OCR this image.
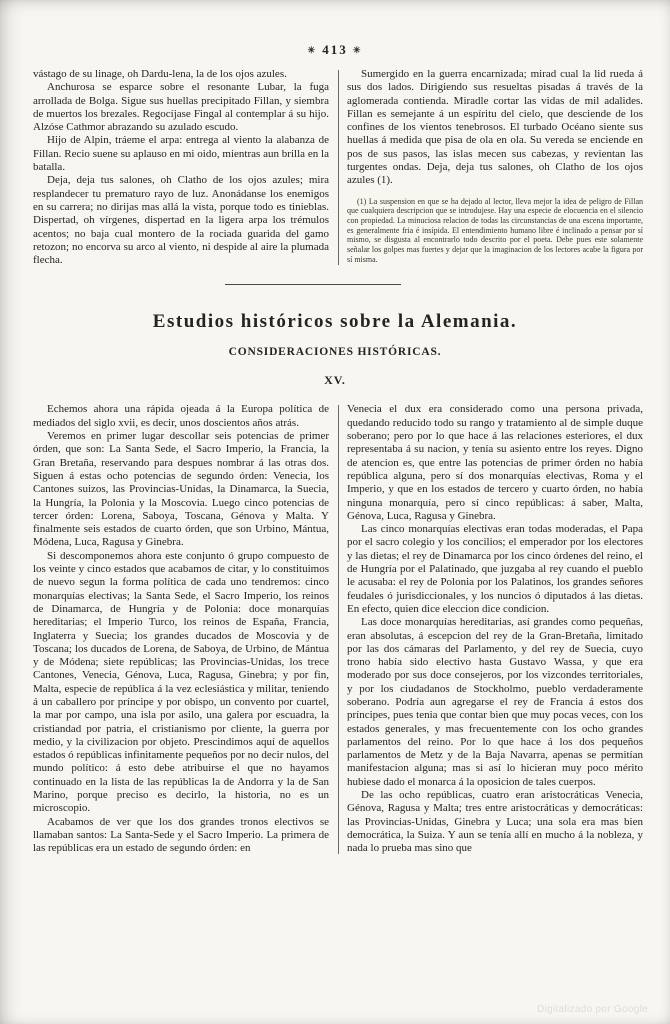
✳ 413 ✳

vástago de su linage, oh Dardu-lena, la de los ojos azules.

Anchurosa se esparce sobre el resonante Lubar, la fuga arrollada de Bolga. Sigue sus huellas precipitado Fillan, y siembra de muertos los brezales. Regocíjase Fingal al contemplar á su hijo. Alzóse Cathmor abrazando su azulado escudo.

Hijo de Alpin, tráeme el arpa: entrega al viento la alabanza de Fillan. Recio suene su aplauso en mi oido, mientras aun brilla en la batalla.

Deja, deja tus salones, oh Clatho de los ojos azules; mira resplandecer tu prematuro rayo de luz. Anonádanse los enemigos en su carrera; no dirijas mas allá la vista, porque todo es tinieblas. Dispertad, oh vírgenes, dispertad en la ligera arpa los trémulos acentos; no baja cual montero de la rociada guarida del gamo retozon; no encorva su arco al viento, ni despide al aire la plumada flecha.

Sumergido en la guerra encarnizada; mirad cual la lid rueda á sus dos lados. Dirigiendo sus resueltas pisadas á través de la aglomerada contienda. Miradle cortar las vidas de mil adalides. Fillan es semejante á un espíritu del cielo, que desciende de los confines de los vientos tenebrosos. El turbado Océano siente sus huellas á medida que pisa de ola en ola. Su vereda se enciende en pos de sus pasos, las islas mecen sus cabezas, y revientan las turgentes ondas. Deja, deja tus salones, oh Clatho de los ojos azules (1).

(1) La suspension en que se ha dejado al lector, lleva mejor la idea de peligro de Fillan que cualquiera descripcion que se introdujese. Hay una especie de elocuencia en el silencio con propiedad. La minuciosa relacion de todas las circunstancias de una escena importante, es generalmente fria é insípida. El entendimiento humano libre é inclinado a pensar por sí mismo, se disgusta al encontrarlo todo descrito por el poeta. Debe pues este solamente señalar los golpes mas fuertes y dejar que la imaginacion de los lectores acabe la figura por sí misma.
Estudios históricos sobre la Alemania.
CONSIDERACIONES HISTÓRICAS.
XV.

Echemos ahora una rápida ojeada á la Europa política de mediados del siglo xvii, es decir, unos doscientos años atrás.

Veremos en primer lugar descollar seis potencias de primer órden, que son: La Santa Sede, el Sacro Imperio, la Francia, la Gran Bretaña, reservando para despues nombrar á las otras dos. Siguen á estas ocho potencias de segundo órden: Venecia, los Cantones suizos, las Provincias-Unidas, la Dinamarca, la Suecia, la Hungría, la Polonia y la Moscovia. Luego cinco potencias de tercer órden: Lorena, Saboya, Toscana, Génova y Malta. Y finalmente seis estados de cuarto órden, que son Urbino, Mántua, Módena, Luca, Ragusa y Ginebra.

Si descomponemos ahora este conjunto ó grupo compuesto de los veinte y cinco estados que acabamos de citar, y lo constituimos de nuevo segun la forma política de cada uno tendremos: cinco monarquías electivas; la Santa Sede, el Sacro Imperio, los reinos de Dinamarca, de Hungría y de Polonia: doce monarquías hereditarias; el Imperio Turco, los reinos de España, Francia, Inglaterra y Suecia; los grandes ducados de Moscovia y de Toscana; los ducados de Lorena, de Saboya, de Urbino, de Mántua y de Módena; siete repúblicas; las Provincias-Unidas, los trece Cantones, Venecia, Génova, Luca, Ragusa, Ginebra; y por fin, Malta, especie de república á la vez eclesiástica y militar, teniendo á un caballero por príncipe y por obispo, un convento por cuartel, la mar por campo, una isla por asilo, una galera por escuadra, la cristiandad por patria, el cristianismo por cliente, la guerra por medio, y la civilizacion por objeto. Prescindimos aquí de aquellos estados ó repúblicas infinitamente pequeños por no decir nulos, del mundo político: á esto debe atribuirse el que no hayamos continuado en la lista de las repúblicas la de Andorra y la de San Marino, porque preciso es decirlo, la historia, no es un microscopio.

Acabamos de ver que los dos grandes tronos electivos se llamaban santos: La Santa-Sede y el Sacro Imperio. La primera de las repúblicas era un estado de segundo órden: en

Venecia el dux era considerado como una persona privada, quedando reducido todo su rango y tratamiento al de simple duque soberano; pero por lo que hace á las relaciones esteriores, el dux representaba á su nacion, y tenía su asiento entre los reyes. Digno de atencion es, que entre las potencias de primer órden no había república alguna, pero sí dos monarquías electivas, Roma y el Imperio, y que en los estados de tercero y cuarto órden, no había ninguna monarquía, pero sí cinco repúblicas: á saber, Malta, Génova, Luca, Ragusa y Ginebra.

Las cinco monarquías electivas eran todas moderadas, el Papa por el sacro colegio y los concilios; el emperador por los electores y las dietas; el rey de Dinamarca por los cinco órdenes del reino, el de Hungría por el Palatinado, que juzgaba al rey cuando el pueblo le acusaba: el rey de Polonia por los Palatinos, los grandes señores feudales ó jurisdiccionales, y los nuncios ó diputados á las dietas. En efecto, quien dice eleccion dice condicion.

Las doce monarquías hereditarias, así grandes como pequeñas, eran absolutas, á escepcion del rey de la Gran-Bretaña, limitado por las dos cámaras del Parlamento, y del rey de Suecia, cuyo trono había sido electivo hasta Gustavo Wassa, y que era moderado por sus doce consejeros, por los vizcondes territoriales, y por los ciudadanos de Stockholmo, pueblo verdaderamente soberano. Podría aun agregarse el rey de Francia á estos dos príncipes, pues tenia que contar bien que muy pocas veces, con los estados generales, y mas frecuentemente con los ocho grandes parlamentos del reino. Por lo que hace á los dos pequeños parlamentos de Metz y de la Baja Navarra, apenas se permitían manifestacion alguna; mas si así lo hicieran muy poco mérito hubiese dado el monarca á la oposicion de tales cuerpos.

De las ocho repúblicas, cuatro eran aristocráticas Venecia, Génova, Ragusa y Malta; tres entre aristocráticas y democráticas: las Provincias-Unidas, Ginebra y Luca; una sola era mas bien democrática, la Suiza. Y aun se tenía allí en mucho á la nobleza, y nada lo prueba mas sino que

Digitalizado por Google
